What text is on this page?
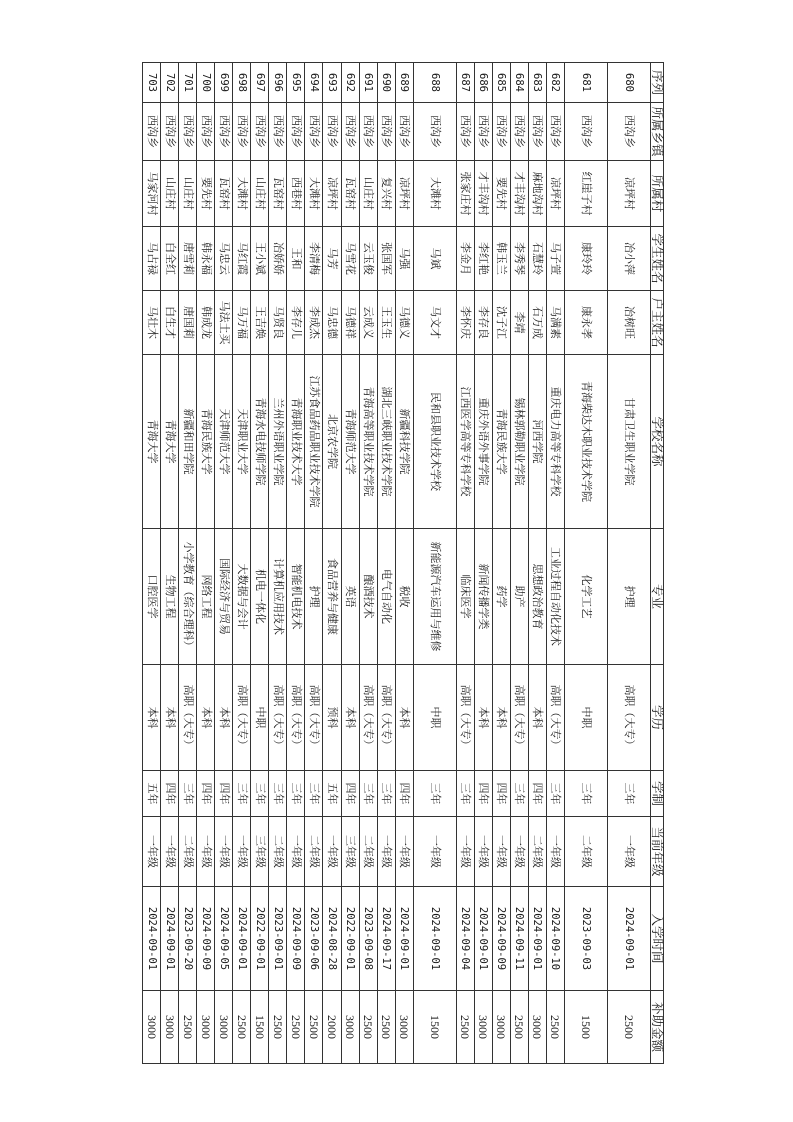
序列	所属乡镇	所属村	学生姓名	户主姓名	学校名称	专业	学历	学制	当前年级	入学时间	补助金额
680	西沟乡	凉坪村	冶小萍	冶树旺	甘肃卫生职业学院	护理	高职（大专）	三年	一年级	2024-09-01	2500
681	西沟乡	红崖子村	康玲玲	康永孝	青海柴达木职业技术学院	化学工艺	中职	三年	二年级	2023-09-03	1500
682	西沟乡	凉坪村	马子萱	马满素	重庆电力高等专科学校	工业过程自动化技术	高职（大专）	三年	一年级	2024-09-10	2500
683	西沟乡	麻地沟村	石慧玲	石万成	河西学院	思想政治教育	本科	四年	二年级	2024-09-01	3000
684	西沟乡	才丰沟村	李秀琴	李靖	锡林郭勒职业学院	助产	高职（大专）	三年	一年级	2024-09-11	2500
685	西沟乡	要先村	韩玉兰	沈子江	青海民族大学	药学	本科	四年	一年级	2024-09-09	3000
686	西沟乡	才丰沟村	李红艳	李存良	重庆外语外事学院	新闻传播学类	本科	四年	一年级	2024-09-01	3000
687	西沟乡	张家庄村	李金月	李怀庆	江西医学高等专科学校	临床医学	高职（大专）	三年	一年级	2024-09-04	2500
688	西沟乡	大滩村	马斌	马文才	民和县职业技术学校	新能源汽车运用与维修	中职	三年	一年级	2024-09-01	1500
689	西沟乡	凉坪村	马强	马德义	新疆科技学院	税收	本科	四年	一年级	2024-09-01	3000
690	西沟乡	复兴村	张国军	王玉生	湖北三峡职业技术学院	电气自动化	高职（大专）	三年	一年级	2024-09-17	2500
691	西沟乡	山庄村	云玉俊	云成义	青海高等职业技术学院	酿酒技术	高职（大专）	三年	二年级	2023-09-08	2500
692	西沟乡	瓦窑村	马雪花	马德祥	青海师范大学	英语	本科	四年	三年级	2022-09-01	3000
693	西沟乡	凉坪村	马芳	马忠德	北京农学院	食品营养与健康	预科	五年	一年级	2024-08-28	2000
694	西沟乡	大滩村	李清梅	李成杰	江苏食品药品职业技术学院	护理	高职（大专）	三年	二年级	2023-09-06	2500
695	西沟乡	西巷村	王和	李存儿	青海职业技术大学	智能机电技术	高职（大专）	三年	一年级	2024-09-09	2500
696	西沟乡	瓦窑村	冶娇娇	马贤良	兰州外语职业学院	计算机应用技术	高职（大专）	三年	二年级	2023-09-01	2500
697	西沟乡	山庄村	王小斌	王吉焕	青海水电技师学院	机电一体化	中职	三年	三年级	2022-09-01	1500
698	西沟乡	大滩村	马红霞	马万福	天津职业大学	大数据与会计	高职（大专）	三年	一年级	2024-09-01	2500
699	西沟乡	瓦窑村	马忠云	马法土买	天津师范大学	国际经济与贸易	本科	四年	一年级	2024-09-05	3000
700	西沟乡	要先村	韩永福	韩成龙	青海民族大学	网络工程	本科	四年	一年级	2024-09-09	3000
701	西沟乡	山庄村	唐雪莉	唐国莉	新疆和田学院	小学教育（综合理科）	高职（大专）	三年	二年级	2023-09-20	2500
702	西沟乡	山庄村	白全红	白生才	青海大学	生物工程	本科	四年	一年级	2024-09-01	3000
703	西沟乡	马家河村	马占禄	马壮木	青海大学	口腔医学	本科	五年	一年级	2024-09-01	3000
